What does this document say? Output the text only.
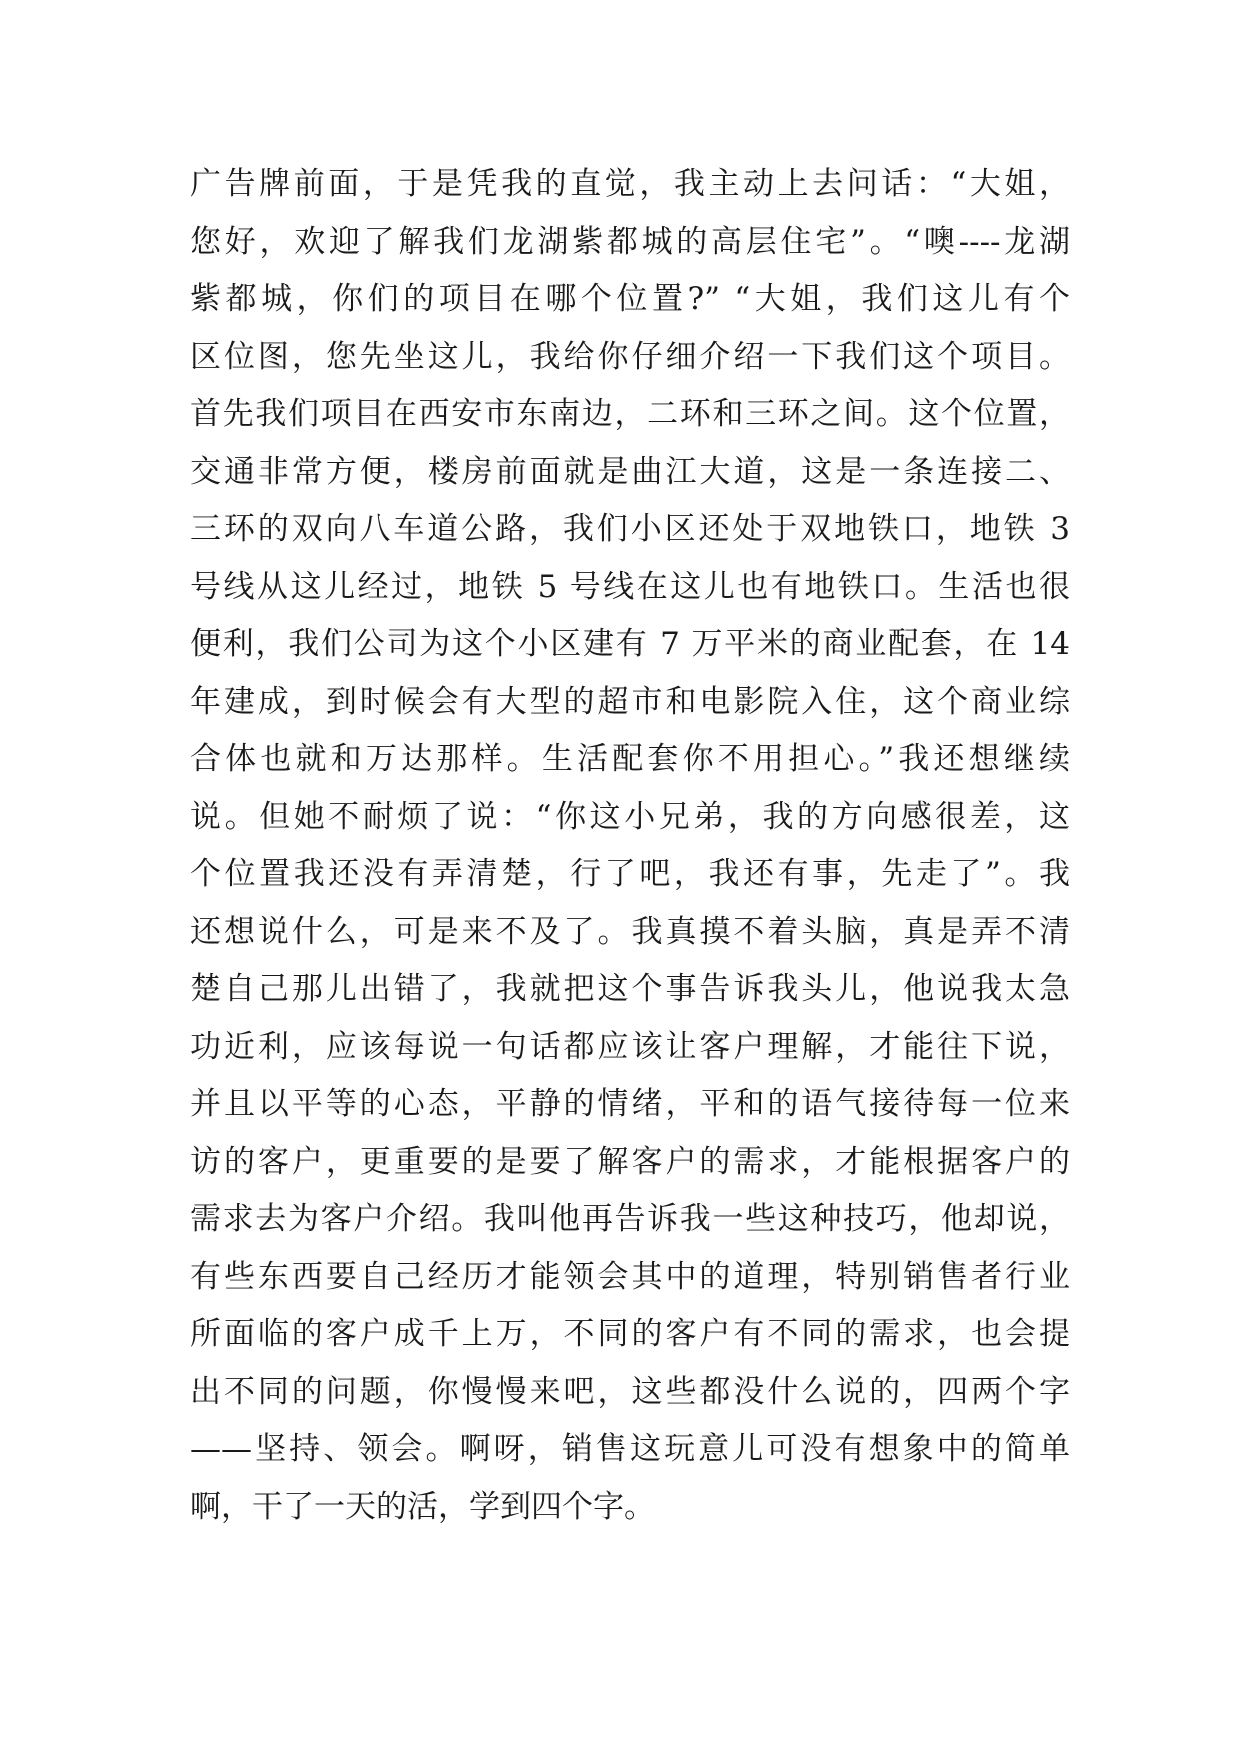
广告牌前面，于是凭我的直觉，我主动上去问话：“大姐，
您好，欢迎了解我们龙湖紫都城的高层住宅”。“噢----龙湖
紫都城，你们的项目在哪个位置?” “大姐，我们这儿有个
区位图，您先坐这儿，我给你仔细介绍一下我们这个项目。
首先我们项目在西安市东南边，二环和三环之间。这个位置，
交通非常方便，楼房前面就是曲江大道，这是一条连接二、
三环的双向八车道公路，我们小区还处于双地铁口，地铁 3
号线从这儿经过，地铁 5 号线在这儿也有地铁口。生活也很
便利，我们公司为这个小区建有 7 万平米的商业配套，在 14
年建成，到时候会有大型的超市和电影院入住，这个商业综
合体也就和万达那样。生活配套你不用担心。”我还想继续
说。但她不耐烦了说：“你这小兄弟，我的方向感很差，这
个位置我还没有弄清楚，行了吧，我还有事，先走了”。我
还想说什么，可是来不及了。我真摸不着头脑，真是弄不清
楚自己那儿出错了，我就把这个事告诉我头儿，他说我太急
功近利，应该每说一句话都应该让客户理解，才能往下说，
并且以平等的心态，平静的情绪，平和的语气接待每一位来
访的客户，更重要的是要了解客户的需求，才能根据客户的
需求去为客户介绍。我叫他再告诉我一些这种技巧，他却说，
有些东西要自己经历才能领会其中的道理，特别销售者行业
所面临的客户成千上万，不同的客户有不同的需求，也会提
出不同的问题，你慢慢来吧，这些都没什么说的，四两个字
——坚持、领会。啊呀，销售这玩意儿可没有想象中的简单
啊，干了一天的活，学到四个字。
